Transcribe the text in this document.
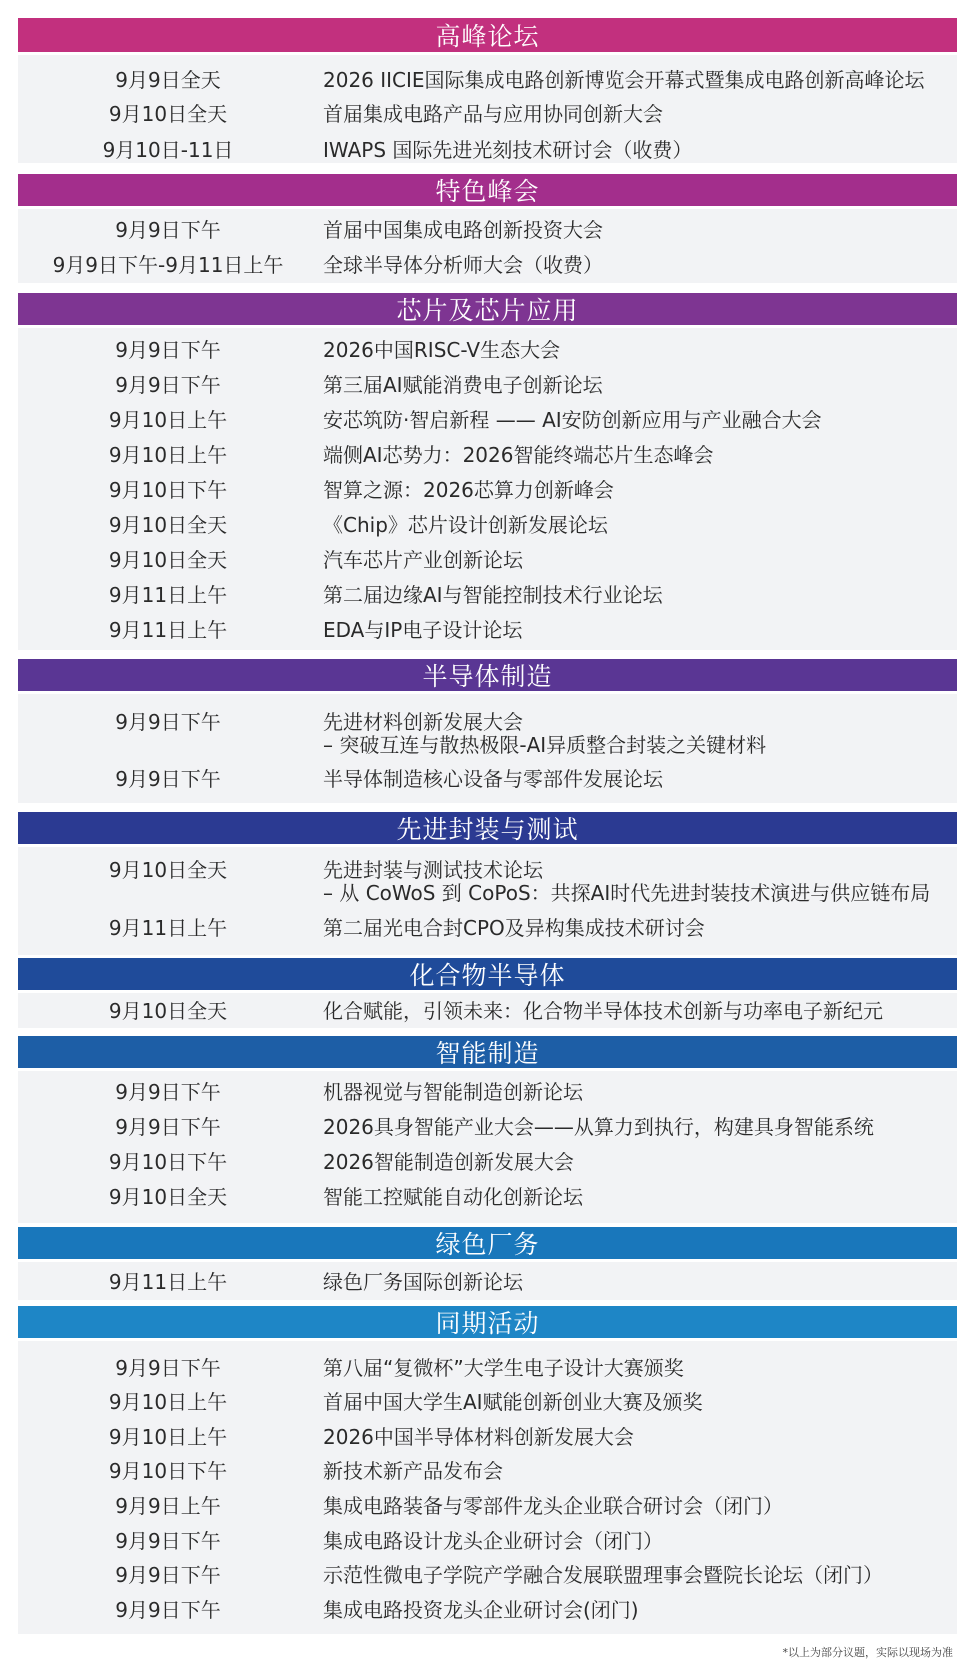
高峰论坛
9月9日全天	2026 IICIE国际集成电路创新博览会开幕式暨集成电路创新高峰论坛
9月10日全天	首届集成电路产品与应用协同创新大会
9月10日-11日	IWAPS 国际先进光刻技术研讨会（收费）
特色峰会
9月9日下午	首届中国集成电路创新投资大会
9月9日下午-9月11日上午	全球半导体分析师大会（收费）
芯片及芯片应用
9月9日下午	2026中国RISC-V生态大会
9月9日下午	第三届AI赋能消费电子创新论坛
9月10日上午	安芯筑防·智启新程 —— AI安防创新应用与产业融合大会
9月10日上午	端侧AI芯势力：2026智能终端芯片生态峰会
9月10日下午	智算之源：2026芯算力创新峰会
9月10日全天	《Chip》芯片设计创新发展论坛
9月10日全天	汽车芯片产业创新论坛
9月11日上午	第二届边缘AI与智能控制技术行业论坛
9月11日上午	EDA与IP电子设计论坛
半导体制造
9月9日下午	先进材料创新发展大会
– 突破互连与散热极限-AI异质整合封装之关键材料
9月9日下午	半导体制造核心设备与零部件发展论坛
先进封装与测试
9月10日全天	先进封装与测试技术论坛
– 从 CoWoS 到 CoPoS：共探AI时代先进封装技术演进与供应链布局
9月11日上午	第二届光电合封CPO及异构集成技术研讨会
化合物半导体
9月10日全天	化合赋能，引领未来：化合物半导体技术创新与功率电子新纪元
智能制造
9月9日下午	机器视觉与智能制造创新论坛
9月9日下午	2026具身智能产业大会——从算力到执行，构建具身智能系统
9月10日下午	2026智能制造创新发展大会
9月10日全天	智能工控赋能自动化创新论坛
绿色厂务
9月11日上午	绿色厂务国际创新论坛
同期活动
9月9日下午	第八届“复微杯”大学生电子设计大赛颁奖
9月10日上午	首届中国大学生AI赋能创新创业大赛及颁奖
9月10日上午	2026中国半导体材料创新发展大会
9月10日下午	新技术新产品发布会
9月9日上午	集成电路装备与零部件龙头企业联合研讨会（闭门）
9月9日下午	集成电路设计龙头企业研讨会（闭门）
9月9日下午	示范性微电子学院产学融合发展联盟理事会暨院长论坛（闭门）
9月9日下午	集成电路投资龙头企业研讨会(闭门)
*以上为部分议题，实际以现场为准
